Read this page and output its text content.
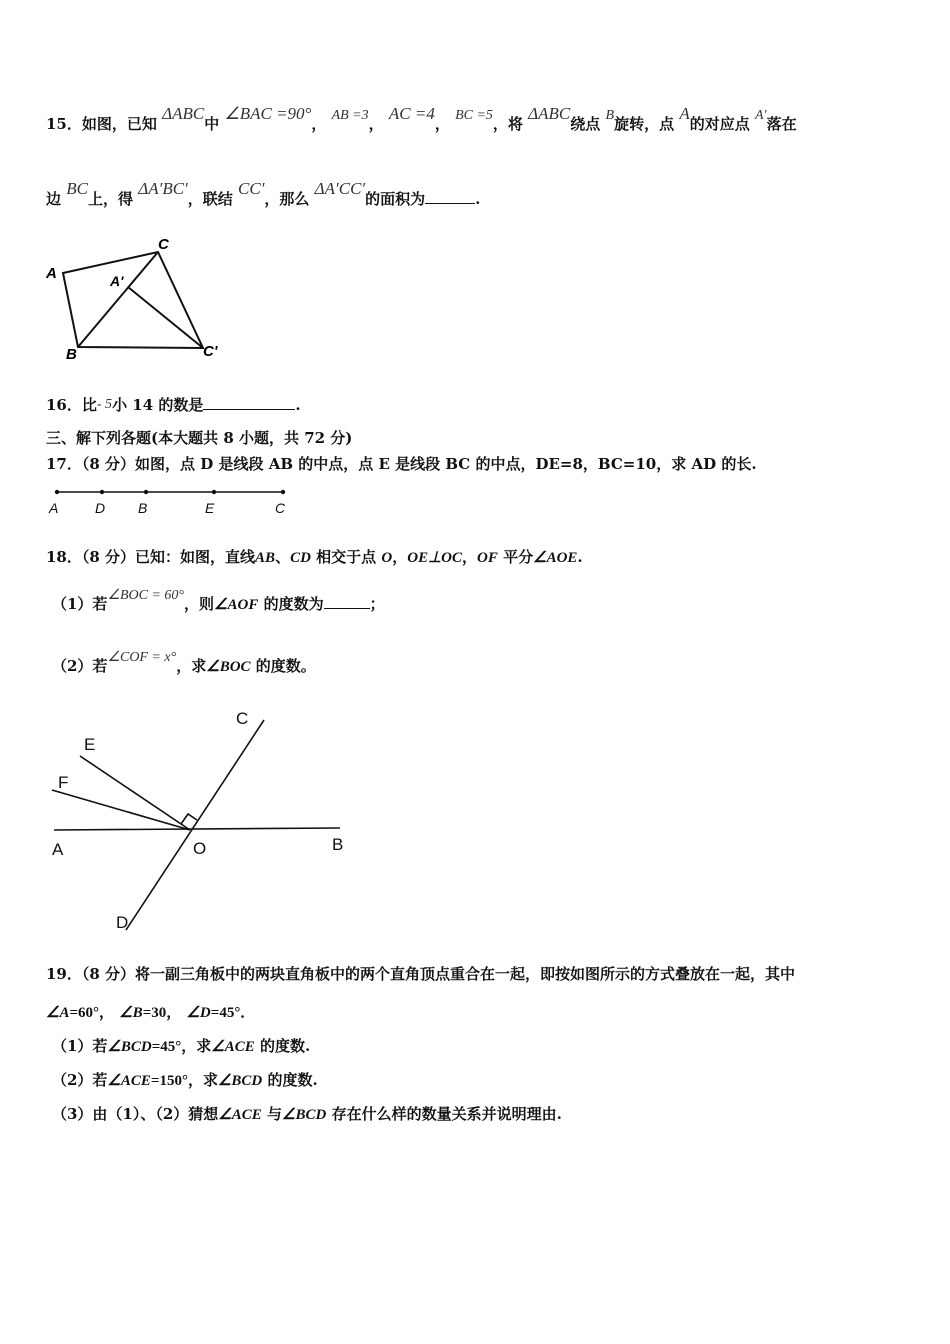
15．如图，已知 ΔABC中 ∠BAC =90°， AB =3， AC =4， BC =5，将 ΔABC绕点 B旋转，点 A的对应点 A′落在
边 BC上，得 ΔA′BC′，联结 CC′，那么 ΔA′CC′的面积为	.
A	A'
B
C
C'
16．比- 5小 14 的数是	.
三、解下列各题(本大题共 8 小题，共 72 分)
17．（8 分）如图，点 D 是线段 AB 的中点，点 E 是线段 BC 的中点，DE=8，BC=10，求 AD 的长.
A	D B	E	C
18．（8 分）已知：如图，直线AB、CD 相交于点 O，OE⊥OC，OF 平分∠AOE.
（1）若∠BOC = 60°，则∠AOF 的度数为	；
（2）若∠COF = x°，求∠BOC 的度数。
A	B
C
D
E
F
O
19．（8 分）将一副三角板中的两块直角板中的两个直角顶点重合在一起，即按如图所示的方式叠放在一起，其中
∠A=60°， ∠B=30， ∠D=45°．
（1）若∠BCD=45°，求∠ACE 的度数.
（2）若∠ACE=150°，求∠BCD 的度数.
（3）由（1）、（2）猜想∠ACE 与∠BCD 存在什么样的数量关系并说明理由.
